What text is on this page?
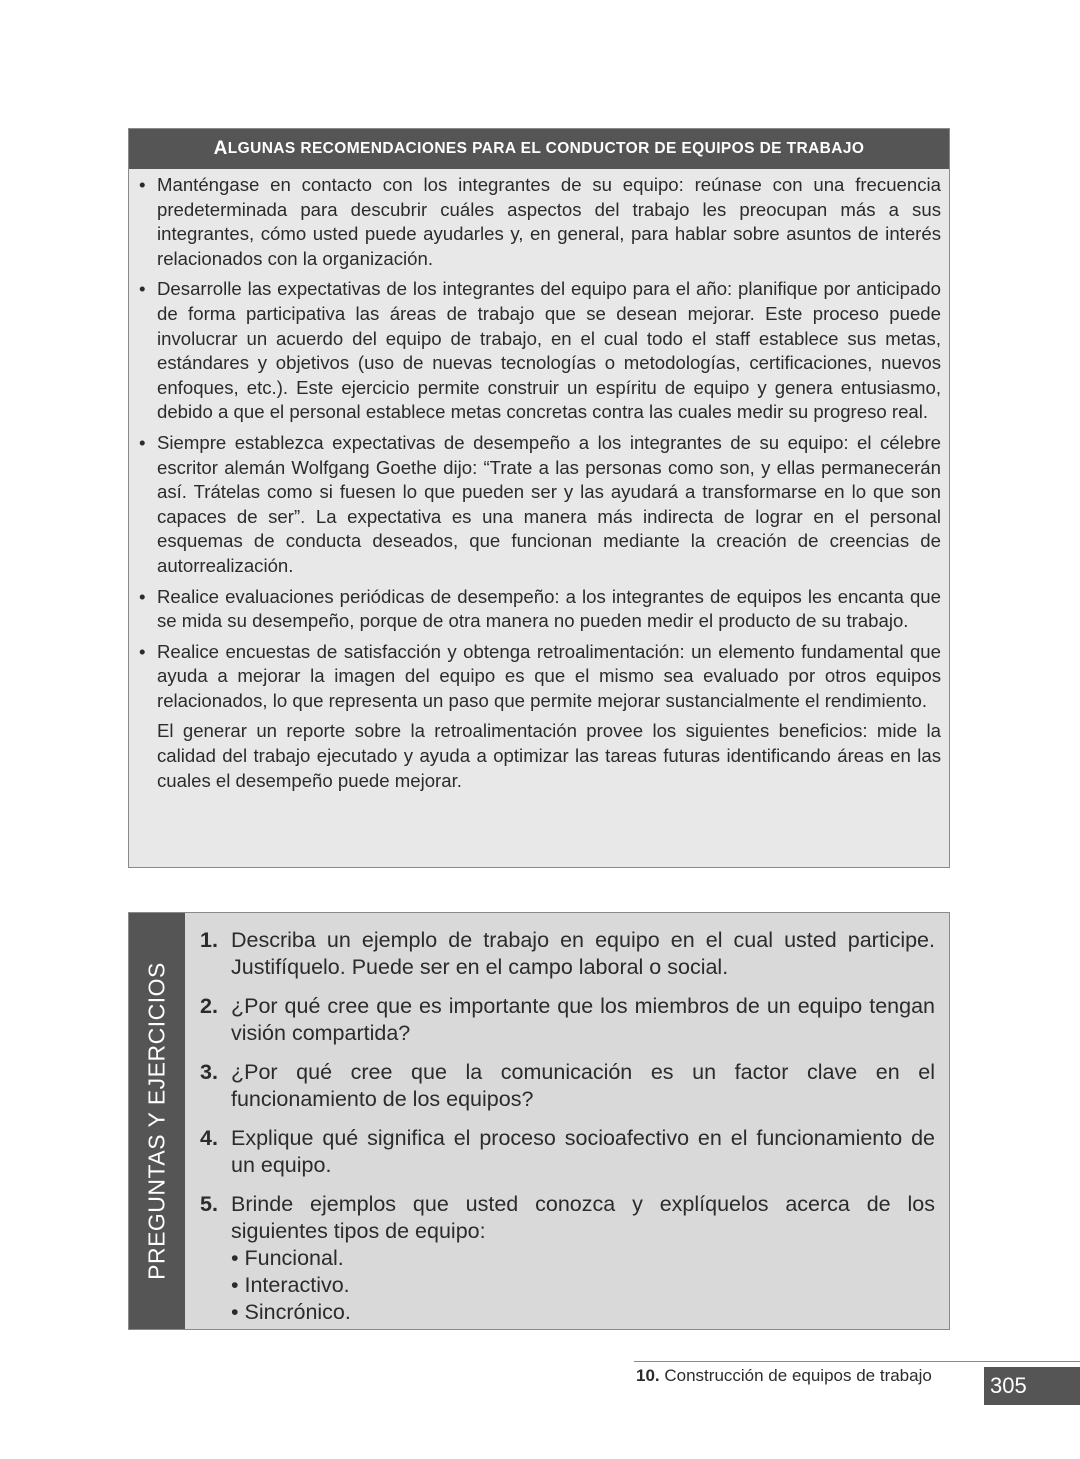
A LGUNAS RECOMENDACIONES PARA EL CONDUCTOR DE EQUIPOS DE TRABAJO
• Manténgase en contacto con los integrantes de su equipo: reúnase con una frecuencia predeterminada para descubrir cuáles aspectos del trabajo les preocupan más a sus integrantes, cómo usted puede ayudarles y, en general, para hablar sobre asuntos de interés relacionados con la organización.
• Desarrolle las expectativas de los integrantes del equipo para el año: planifique por anticipado de forma participativa las áreas de trabajo que se desean mejorar. Este proceso puede involucrar un acuerdo del equipo de trabajo, en el cual todo el staff establece sus metas, estándares y objetivos (uso de nuevas tecnologías o metodologías, certificaciones, nuevos enfoques, etc.). Este ejercicio permite construir un espíritu de equipo y genera entusiasmo, debido a que el personal establece metas concretas contra las cuales medir su progreso real.
• Siempre establezca expectativas de desempeño a los integrantes de su equipo: el célebre escritor alemán Wolfgang Goethe dijo: “Trate a las personas como son, y ellas permanecerán así. Trátelas como si fuesen lo que pueden ser y las ayudará a transformarse en lo que son capaces de ser”. La expectativa es una manera más indirecta de lograr en el personal esquemas de conducta deseados, que funcionan mediante la creación de creencias de autorrealización.
• Realice evaluaciones periódicas de desempeño: a los integrantes de equipos les encanta que se mida su desempeño, porque de otra manera no pueden medir el producto de su trabajo.
• Realice encuestas de satisfacción y obtenga retroalimentación: un elemento fundamental que ayuda a mejorar la imagen del equipo es que el mismo sea evaluado por otros equipos relacionados, lo que representa un paso que permite mejorar sustancialmente el rendimiento.

El generar un reporte sobre la retroalimentación provee los siguientes beneficios: mide la calidad del trabajo ejecutado y ayuda a optimizar las tareas futuras identificando áreas en las cuales el desempeño puede mejorar.

PREGUNTAS Y EJERCICIOS
1. Describa un ejemplo de trabajo en equipo en el cual usted participe. Justifíquelo. Puede ser en el campo laboral o social.
2. ¿Por qué cree que es importante que los miembros de un equipo tengan visión compartida?
3. ¿Por qué cree que la comunicación es un factor clave en el funcionamiento de los equipos?
4. Explique qué significa el proceso socioafectivo en el funcionamiento de un equipo.
5. Brinde ejemplos que usted conozca y explíquelos acerca de los siguientes tipos de equipo:
• Funcional.
• Interactivo.
• Sincrónico.
10. Construcción de equipos de trabajo	305
